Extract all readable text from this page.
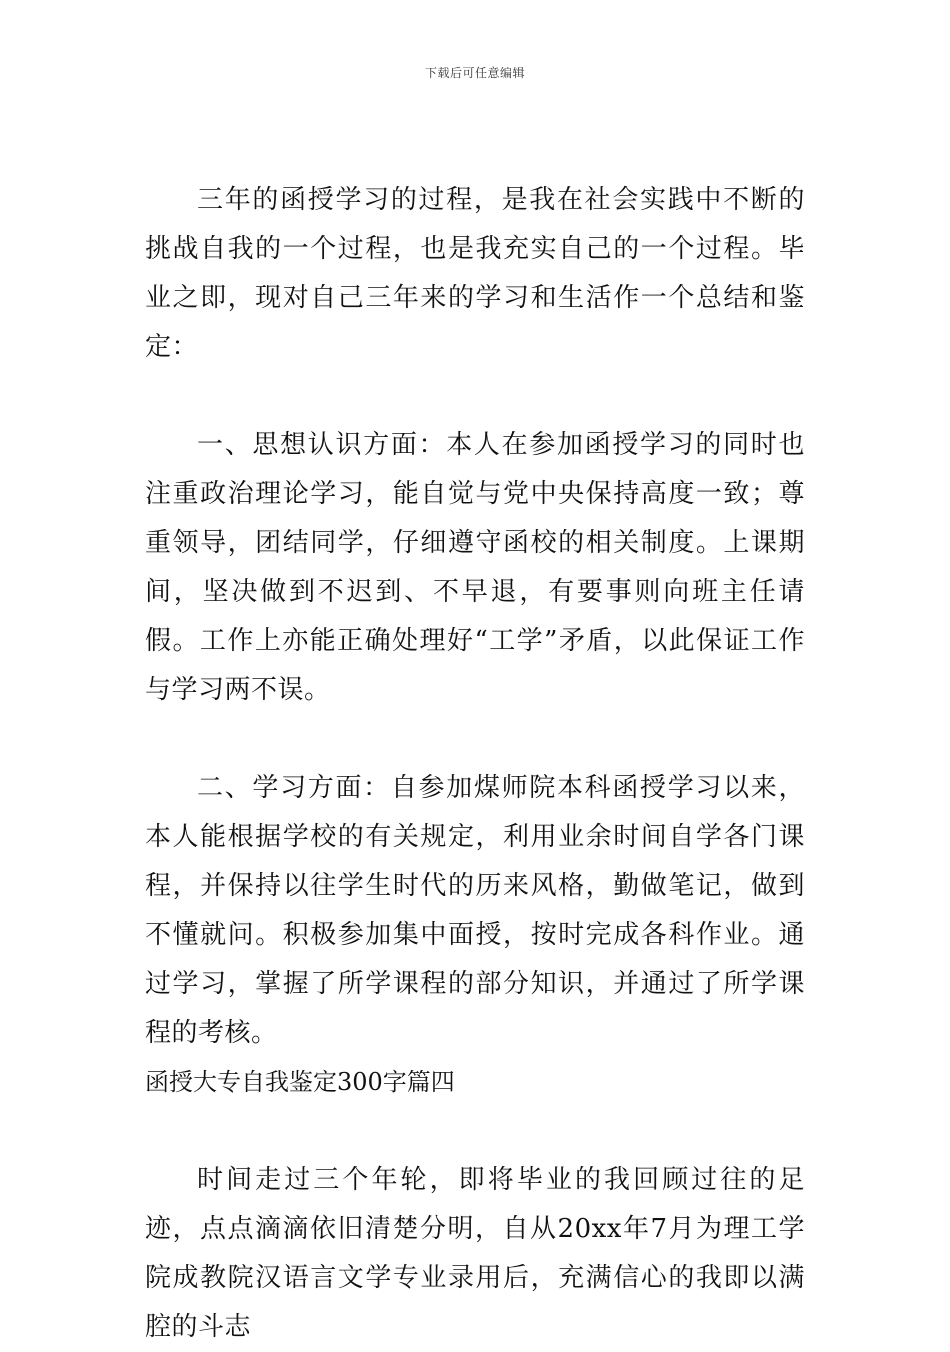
下载后可任意编辑

三年的函授学习的过程，是我在社会实践中不断的挑战自我的一个过程，也是我充实自己的一个过程。毕业之即，现对自己三年来的学习和生活作一个总结和鉴定：

一、思想认识方面：本人在参加函授学习的同时也注重政治理论学习，能自觉与党中央保持高度一致；尊重领导，团结同学，仔细遵守函校的相关制度。上课期间，坚决做到不迟到、不早退，有要事则向班主任请假。工作上亦能正确处理好“工学”矛盾，以此保证工作与学习两不误。

二、学习方面：自参加煤师院本科函授学习以来，本人能根据学校的有关规定，利用业余时间自学各门课程，并保持以往学生时代的历来风格，勤做笔记，做到不懂就问。积极参加集中面授，按时完成各科作业。通过学习，掌握了所学课程的部分知识，并通过了所学课程的考核。

函授大专自我鉴定300字篇四

时间走过三个年轮，即将毕业的我回顾过往的足迹，点点滴滴依旧清楚分明，自从20xx年7月为理工学院成教院汉语言文学专业录用后，充满信心的我即以满腔的斗志
